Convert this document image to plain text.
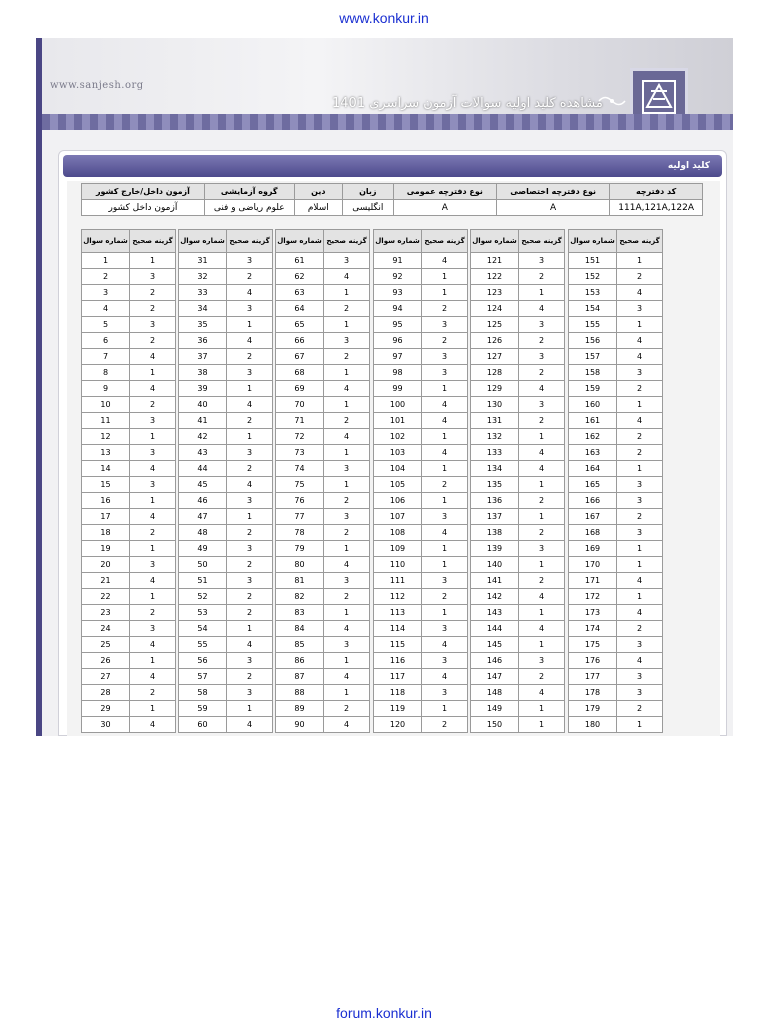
www.konkur.in
www.sanjesh.org
مشاهده کلید اولیه سوالات آزمون سراسری 1401
کلید اولیه
آزمون داخل/خارج کشور	گروه آزمایشی	دین	زبان	نوع دفترچه عمومی	نوع دفترچه اختصاصی	کد دفترچه
آزمون داخل کشور	علوم ریاضی و فنی	اسلام	انگلیسی	A	A	111A,121A,122A
شماره سوال	گزینه صحیح
1	1
2	3
3	2
4	2
5	3
6	2
7	4
8	1
9	4
10	2
11	3
12	1
13	3
14	4
15	3
16	1
17	4
18	2
19	1
20	3
21	4
22	1
23	2
24	3
25	4
26	1
27	4
28	2
29	1
30	4
شماره سوال	گزینه صحیح
31	3
32	2
33	4
34	3
35	1
36	4
37	2
38	3
39	1
40	4
41	2
42	1
43	3
44	2
45	4
46	3
47	1
48	2
49	3
50	2
51	3
52	2
53	2
54	1
55	4
56	3
57	2
58	3
59	1
60	4
شماره سوال	گزینه صحیح
61	3
62	4
63	1
64	2
65	1
66	3
67	2
68	1
69	4
70	1
71	2
72	4
73	1
74	3
75	1
76	2
77	3
78	2
79	1
80	4
81	3
82	2
83	1
84	4
85	3
86	1
87	4
88	1
89	2
90	4
شماره سوال	گزینه صحیح
91	4
92	1
93	1
94	2
95	3
96	2
97	3
98	3
99	1
100	4
101	4
102	1
103	4
104	1
105	2
106	1
107	3
108	4
109	1
110	1
111	3
112	2
113	1
114	3
115	4
116	3
117	4
118	3
119	1
120	2
شماره سوال	گزینه صحیح
121	3
122	2
123	1
124	4
125	3
126	2
127	3
128	2
129	4
130	3
131	2
132	1
133	4
134	4
135	1
136	2
137	1
138	2
139	3
140	1
141	2
142	4
143	1
144	4
145	1
146	3
147	2
148	4
149	1
150	1
شماره سوال	گزینه صحیح
151	1
152	2
153	4
154	3
155	1
156	4
157	4
158	3
159	2
160	1
161	4
162	2
163	2
164	1
165	3
166	3
167	2
168	3
169	1
170	1
171	4
172	1
173	4
174	2
175	3
176	4
177	3
178	3
179	2
180	1
forum.konkur.in
